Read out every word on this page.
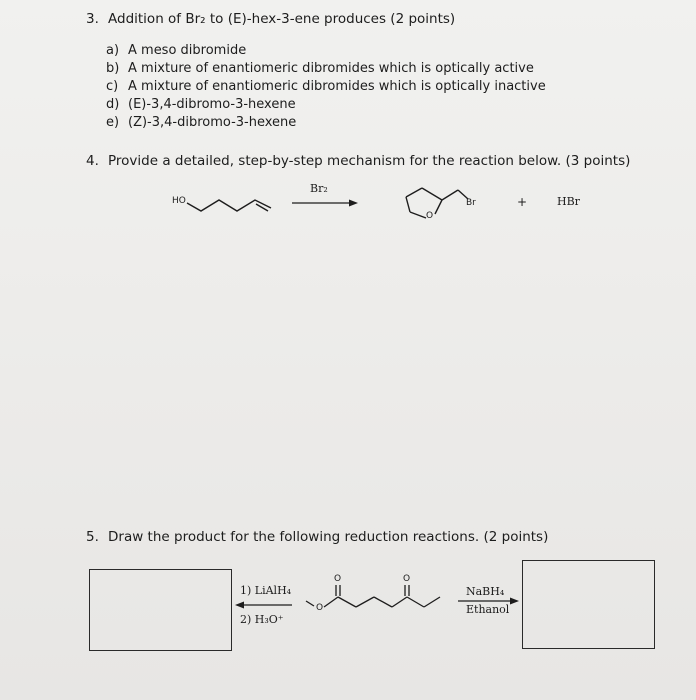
3. Addition of Br₂ to (E)-hex-3-ene produces (2 points)
a) A meso dibromide
b) A mixture of enantiomeric dibromides which is optically active
c) A mixture of enantiomeric dibromides which is optically inactive
d) (E)-3,4-dibromo-3-hexene
e) (Z)-3,4-dibromo-3-hexene
4. Provide a detailed, step-by-step mechanism for the reaction below. (3 points)
HO
Br₂
O
Br	+	HBr
5. Draw the product for the following reduction reactions. (2 points)
1) LiAlH₄
2) H₃O⁺
O
O
O
NaBH₄
Ethanol
